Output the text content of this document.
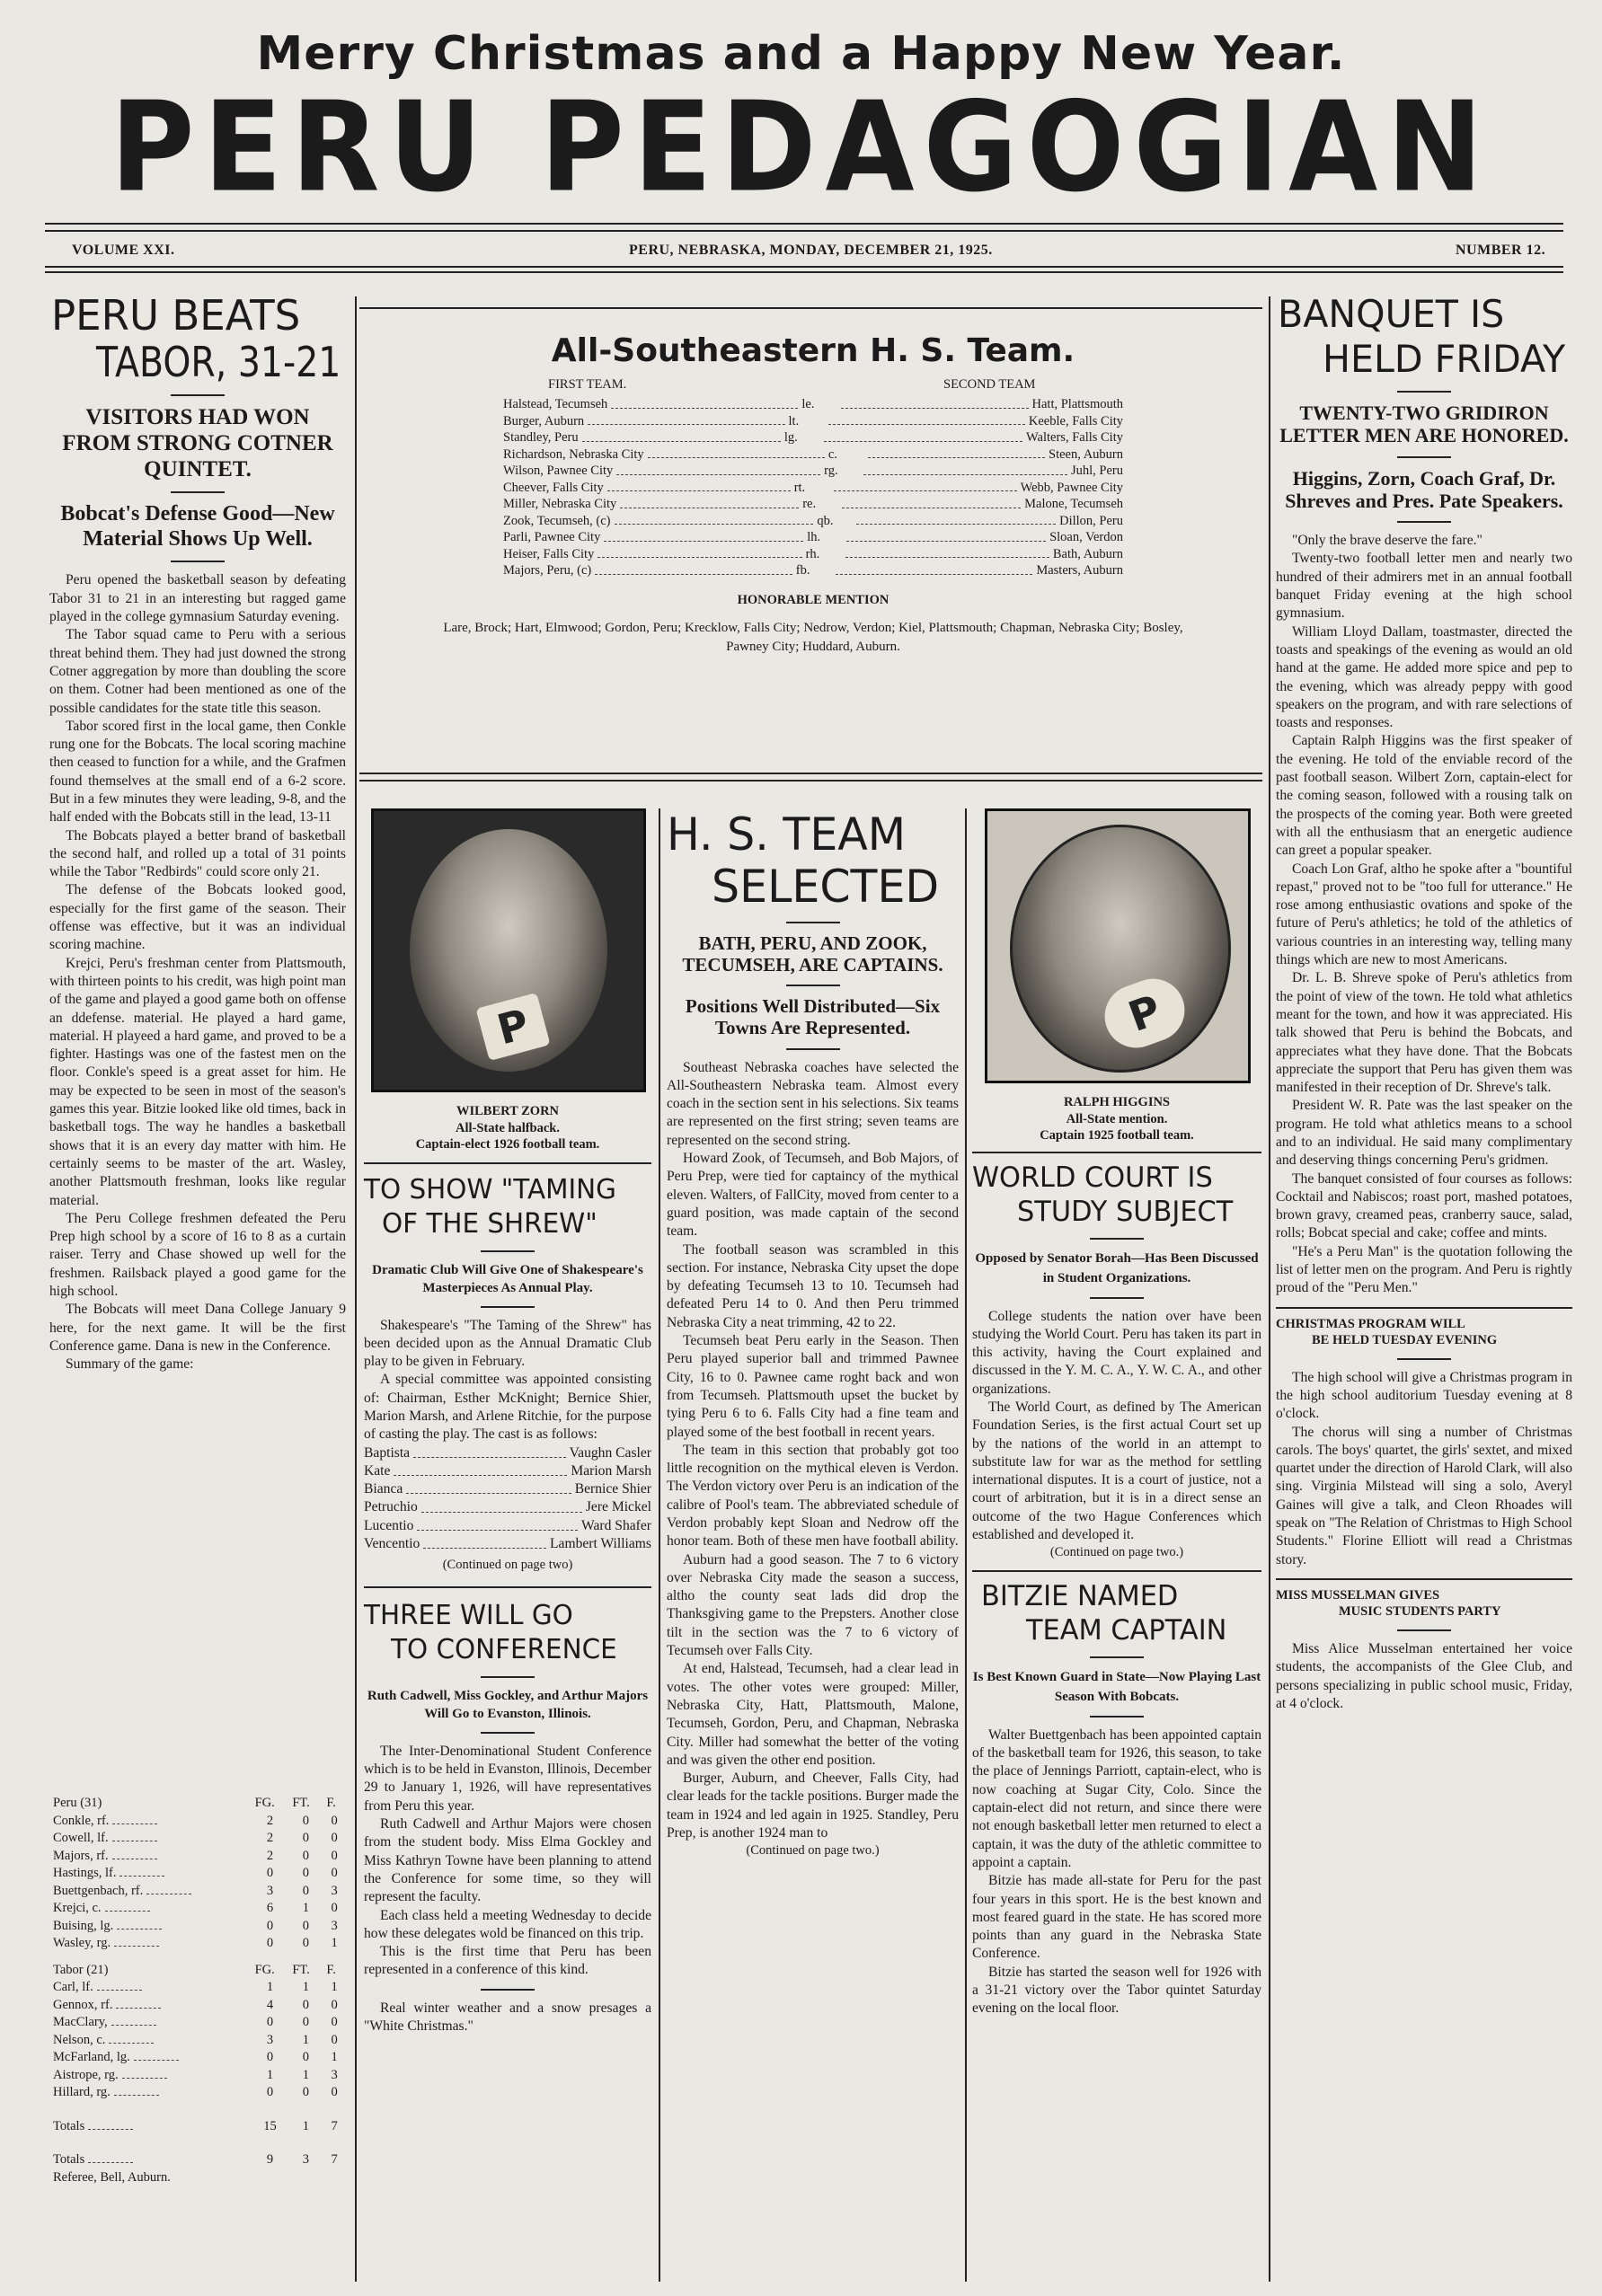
Merry Christmas and a Happy New Year.
PERU PEDAGOGIAN
VOLUME XXI.	PERU, NEBRASKA, MONDAY, DECEMBER 21, 1925.	NUMBER 12.
PERU BEATS
TABOR, 31-21
VISITORS HAD WON FROM STRONG COTNER QUINTET.
Bobcat's Defense Good—New Material Shows Up Well.

Peru opened the basketball season by defeating Tabor 31 to 21 in an interesting but ragged game played in the college gymnasium Saturday evening.

The Tabor squad came to Peru with a serious threat behind them. They had just downed the strong Cotner aggregation by more than doubling the score on them. Cotner had been mentioned as one of the possible candidates for the state title this season.

Tabor scored first in the local game, then Conkle rung one for the Bobcats. The local scoring machine then ceased to function for a while, and the Grafmen found themselves at the small end of a 6-2 score. But in a few minutes they were leading, 9-8, and the half ended with the Bobcats still in the lead, 13-11

The Bobcats played a better brand of basketball the second half, and rolled up a total of 31 points while the Tabor "Redbirds" could score only 21.

The defense of the Bobcats looked good, especially for the first game of the season. Their offense was effective, but it was an individual scoring machine.

Krejci, Peru's freshman center from Plattsmouth, with thirteen points to his credit, was high point man of the game and played a good game both on offense an ddefense. material. He played a hard game, material. H playeed a hard game, and proved to be a fighter. Hastings was one of the fastest men on the floor. Conkle's speed is a great asset for him. He may be expected to be seen in most of the season's games this year. Bitzie looked like old times, back in basketball togs. The way he handles a basketball shows that it is an every day matter with him. He certainly seems to be master of the art. Wasley, another Plattsmouth freshman, looks like regular material.

The Peru College freshmen defeated the Peru Prep high school by a score of 16 to 8 as a curtain raiser. Terry and Chase showed up well for the freshmen. Railsback played a good game for the high school.

The Bobcats will meet Dana College January 9 here, for the next game. It will be the first Conference game. Dana is new in the Conference.

Summary of the game:

Peru (31)	FG.	FT.	F.
Conkle, rf.	2	0	0
Cowell, lf.	2	0	0
Majors, rf.	2	0	0
Hastings, lf.	0	0	0
Buettgenbach, rf.	3	0	3
Krejci, c.	6	1	0
Buising, lg.	0	0	3
Wasley, rg.	0	0	1

Tabor (21)	FG.	FT.	F.
Carl, lf.	1	1	1
Gennox, rf.	4	0	0
MacClary,	0	0	0
Nelson, c.	3	1	0
McFarland, lg.	0	0	1
Aistrope, rg.	1	1	3
Hillard, rg.	0	0	0

Totals	15	1	7

Totals	9	3	7
Referee, Bell, Auburn.			
All-Southeastern H. S. Team.
FIRST TEAM.	SECOND TEAM
Halstead, Tecumseh	le.	Hatt, Plattsmouth
Burger, Auburn	lt.	Keeble, Falls City
Standley, Peru	lg.	Walters, Falls City
Richardson, Nebraska City	c.	Steen, Auburn
Wilson, Pawnee City	rg.	Juhl, Peru
Cheever, Falls City	rt.	Webb, Pawnee City
Miller, Nebraska City	re.	Malone, Tecumseh
Zook, Tecumseh, (c)	qb.	Dillon, Peru
Parli, Pawnee City	lh.	Sloan, Verdon
Heiser, Falls City	rh.	Bath, Auburn
Majors, Peru, (c)	fb.	Masters, Auburn
HONORABLE MENTION
Lare, Brock; Hart, Elmwood; Gordon, Peru; Krecklow, Falls City; Nedrow, Verdon; Kiel, Plattsmouth; Chapman, Nebraska City; Bosley, Pawney City; Huddard, Auburn.
P
WILBERT ZORN
All-State halfback.
Captain-elect 1926 football team.
TO SHOW "TAMING
OF THE SHREW"
Dramatic Club Will Give One of Shakespeare's Masterpieces As Annual Play.

Shakespeare's "The Taming of the Shrew" has been decided upon as the Annual Dramatic Club play to be given in February.

A special committee was appointed consisting of: Chairman, Esther McKnight; Bernice Shier, Marion Marsh, and Arlene Ritchie, for the purpose of casting the play. The cast is as follows:

Baptista	Vaughn Casler
Kate	Marion Marsh
Bianca	Bernice Shier
Petruchio	Jere Mickel
Lucentio	Ward Shafer
Vencentio	Lambert Williams
(Continued on page two)
THREE WILL GO
TO CONFERENCE
Ruth Cadwell, Miss Gockley, and Arthur Majors Will Go to Evanston, Illinois.

The Inter-Denominational Student Conference which is to be held in Evanston, Illinois, December 29 to January 1, 1926, will have representatives from Peru this year.

Ruth Cadwell and Arthur Majors were chosen from the student body. Miss Elma Gockley and Miss Kathryn Towne have been planning to attend the Conference for some time, so they will represent the faculty.

Each class held a meeting Wednesday to decide how these delegates wold be financed on this trip.

This is the first time that Peru has been represented in a conference of this kind.

Real winter weather and a snow presages a "White Christmas."

H. S. TEAM
SELECTED
BATH, PERU, AND ZOOK, TECUMSEH, ARE CAPTAINS.
Positions Well Distributed—Six Towns Are Represented.

Southeast Nebraska coaches have selected the All-Southeastern Nebraska team. Almost every coach in the section sent in his selections. Six teams are represented on the first string; seven teams are represented on the second string.

Howard Zook, of Tecumseh, and Bob Majors, of Peru Prep, were tied for captaincy of the mythical eleven. Walters, of FallCity, moved from center to a guard position, was made captain of the second team.

The football season was scrambled in this section. For instance, Nebraska City upset the dope by defeating Tecumseh 13 to 10. Tecumseh had defeated Peru 14 to 0. And then Peru trimmed Nebraska City a neat trimming, 42 to 22.

Tecumseh beat Peru early in the Season. Then Peru played superior ball and trimmed Pawnee City, 16 to 0. Pawnee came roght back and won from Tecumseh. Plattsmouth upset the bucket by tying Peru 6 to 6. Falls City had a fine team and played some of the best football in recent years.

The team in this section that probably got too little recognition on the mythical eleven is Verdon. The Verdon victory over Peru is an indication of the calibre of Pool's team. The abbreviated schedule of Verdon probably kept Sloan and Nedrow off the honor team. Both of these men have football ability.

Auburn had a good season. The 7 to 6 victory over Nebraska City made the season a success, altho the county seat lads did drop the Thanksgiving game to the Prepsters. Another close tilt in the section was the 7 to 6 victory of Tecumseh over Falls City.

At end, Halstead, Tecumseh, had a clear lead in votes. The other votes were grouped: Miller, Nebraska City, Hatt, Plattsmouth, Malone, Tecumseh, Gordon, Peru, and Chapman, Nebraska City. Miller had somewhat the better of the voting and was given the other end position.

Burger, Auburn, and Cheever, Falls City, had clear leads for the tackle positions. Burger made the team in 1924 and led again in 1925. Standley, Peru Prep, is another 1924 man to

(Continued on page two.)
P
RALPH HIGGINS
All-State mention.
Captain 1925 football team.
WORLD COURT IS
STUDY SUBJECT
Opposed by Senator Borah—Has Been Discussed in Student Organizations.

College students the nation over have been studying the World Court. Peru has taken its part in this activity, having the Court explained and discussed in the Y. M. C. A., Y. W. C. A., and other organizations.

The World Court, as defined by The American Foundation Series, is the first actual Court set up by the nations of the world in an attempt to substitute law for war as the method for settling international disputes. It is a court of justice, not a court of arbitration, but it is in a direct sense an outcome of the two Hague Conferences which established and developed it.

(Continued on page two.)
BITZIE NAMED
TEAM CAPTAIN
Is Best Known Guard in State—Now Playing Last Season With Bobcats.

Walter Buettgenbach has been appointed captain of the basketball team for 1926, this season, to take the place of Jennings Parriott, captain-elect, who is now coaching at Sugar City, Colo. Since the captain-elect did not return, and since there were not enough basketball letter men returned to elect a captain, it was the duty of the athletic committee to appoint a captain.

Bitzie has made all-state for Peru for the past four years in this sport. He is the best known and most feared guard in the state. He has scored more points than any guard in the Nebraska State Conference.

Bitzie has started the season well for 1926 with a 31-21 victory over the Tabor quintet Saturday evening on the local floor.

BANQUET IS
HELD FRIDAY
TWENTY-TWO GRIDIRON LETTER MEN ARE HONORED.
Higgins, Zorn, Coach Graf, Dr. Shreves and Pres. Pate Speakers.

"Only the brave deserve the fare."

Twenty-two football letter men and nearly two hundred of their admirers met in an annual football banquet Friday evening at the high school gymnasium.

William Lloyd Dallam, toastmaster, directed the toasts and speakings of the evening as would an old hand at the game. He added more spice and pep to the evening, which was already peppy with good speakers on the program, and with rare selections of toasts and responses.

Captain Ralph Higgins was the first speaker of the evening. He told of the enviable record of the past football season. Wilbert Zorn, captain-elect for the coming season, followed with a rousing talk on the prospects of the coming year. Both were greeted with all the enthusiasm that an energetic audience can greet a popular speaker.

Coach Lon Graf, altho he spoke after a "bountiful repast," proved not to be "too full for utterance." He rose among enthusiastic ovations and spoke of the future of Peru's athletics; he told of the athletics of various countries in an interesting way, telling many things which are new to most Americans.

Dr. L. B. Shreve spoke of Peru's athletics from the point of view of the town. He told what athletics meant for the town, and how it was appreciated. His talk showed that Peru is behind the Bobcats, and appreciates what they have done. That the Bobcats appreciate the support that Peru has given them was manifested in their reception of Dr. Shreve's talk.

President W. R. Pate was the last speaker on the program. He told what athletics means to a school and to an individual. He said many complimentary and deserving things concerning Peru's gridmen.

The banquet consisted of four courses as follows: Cocktail and Nabiscos; roast port, mashed potatoes, brown gravy, creamed peas, cranberry sauce, salad, rolls; Bobcat special and cake; coffee and mints.

"He's a Peru Man" is the quotation following the list of letter men on the program. And Peru is rightly proud of the "Peru Men."

CHRISTMAS PROGRAM WILL
BE HELD TUESDAY EVENING

The high school will give a Christmas program in the high school auditorium Tuesday evening at 8 o'clock.

The chorus will sing a number of Christmas carols. The boys' quartet, the girls' sextet, and mixed quartet under the direction of Harold Clark, will also sing. Virginia Milstead will sing a solo, Averyl Gaines will give a talk, and Cleon Rhoades will speak on "The Relation of Christmas to High School Students." Florine Elliott will read a Christmas story.

MISS MUSSELMAN GIVES
MUSIC STUDENTS PARTY

Miss Alice Musselman entertained her voice students, the accompanists of the Glee Club, and persons specializing in public school music, Friday, at 4 o'clock.
